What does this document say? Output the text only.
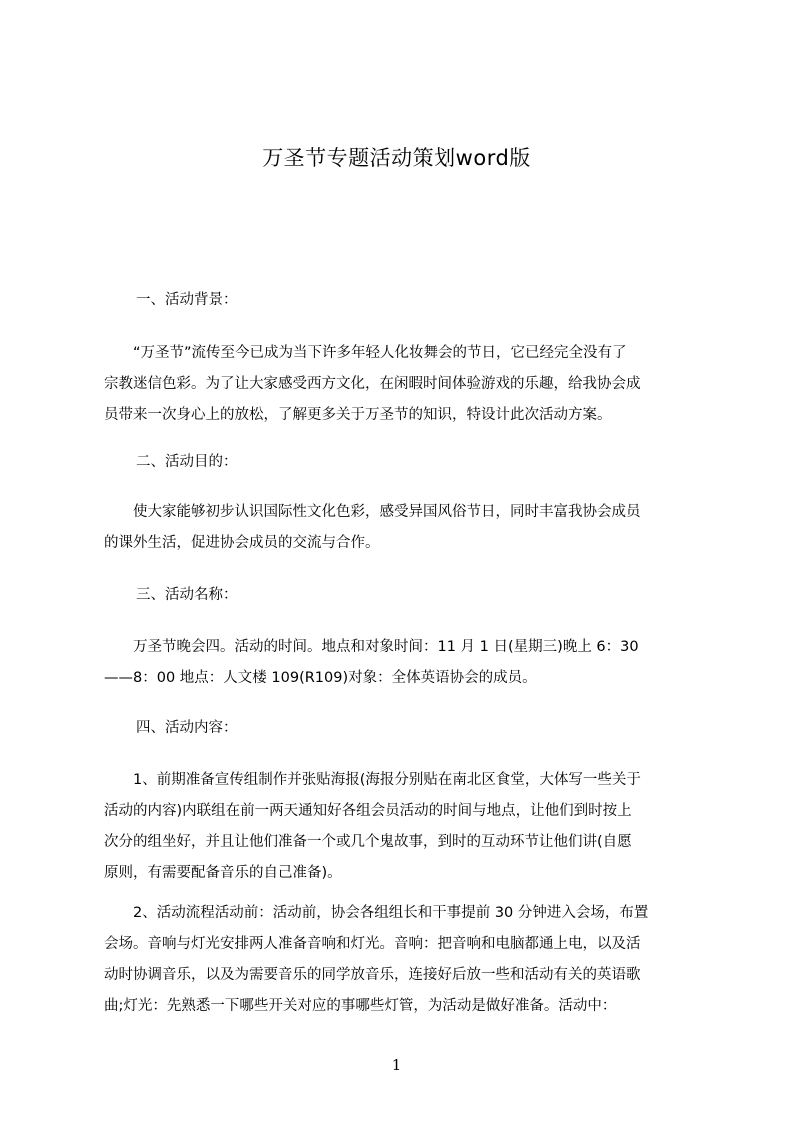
万圣节专题活动策划word版
一、活动背景：
　　“万圣节”流传至今已成为当下许多年轻人化妆舞会的节日，它已经完全没有了
宗教迷信色彩。为了让大家感受西方文化，在闲暇时间体验游戏的乐趣，给我协会成
员带来一次身心上的放松，了解更多关于万圣节的知识，特设计此次活动方案。
二、活动目的：
　　使大家能够初步认识国际性文化色彩，感受异国风俗节日，同时丰富我协会成员
的课外生活，促进协会成员的交流与合作。
三、活动名称：
　　万圣节晚会四。活动的时间。地点和对象时间：11 月 1 日(星期三)晚上 6：30
——8：00 地点：人文楼 109(R109)对象：全体英语协会的成员。
四、活动内容：
　　1、前期准备宣传组制作并张贴海报(海报分别贴在南北区食堂，大体写一些关于
活动的内容)内联组在前一两天通知好各组会员活动的时间与地点，让他们到时按上
次分的组坐好，并且让他们准备一个或几个鬼故事，到时的互动环节让他们讲(自愿
原则，有需要配备音乐的自己准备)。
　　2、活动流程活动前：活动前，协会各组组长和干事提前 30 分钟进入会场，布置
会场。音响与灯光安排两人准备音响和灯光。音响：把音响和电脑都通上电，以及活
动时协调音乐，以及为需要音乐的同学放音乐，连接好后放一些和活动有关的英语歌
曲;灯光：先熟悉一下哪些开关对应的事哪些灯管，为活动是做好准备。活动中：
1
